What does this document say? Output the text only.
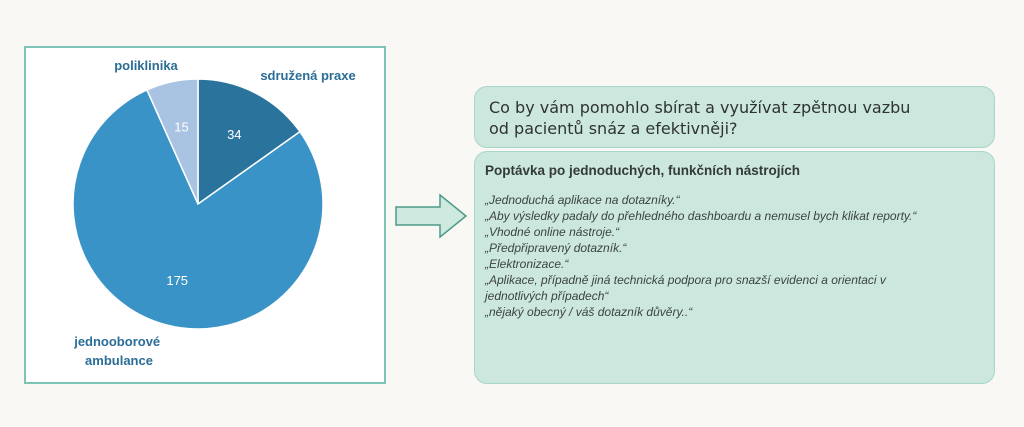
34
175
15
poliklinika
sdružená praxe
jednooborové ambulance
Co by vám pomohlo sbírat a využívat zpětnou vazbu
od pacientů snáz a efektivněji?
Poptávka po jednoduchých, funkčních nástrojích
„Jednoduchá aplikace na dotazníky.“
„Aby výsledky padaly do přehledného dashboardu a nemusel bych klikat reporty.“
„Vhodné online nástroje.“
„Předpřipravený dotazník.“
„Elektronizace.“
„Aplikace, případně jiná technická podpora pro snazší evidenci a orientaci v
jednotlivých případech“
„nějaký obecný / váš dotazník důvěry..“
